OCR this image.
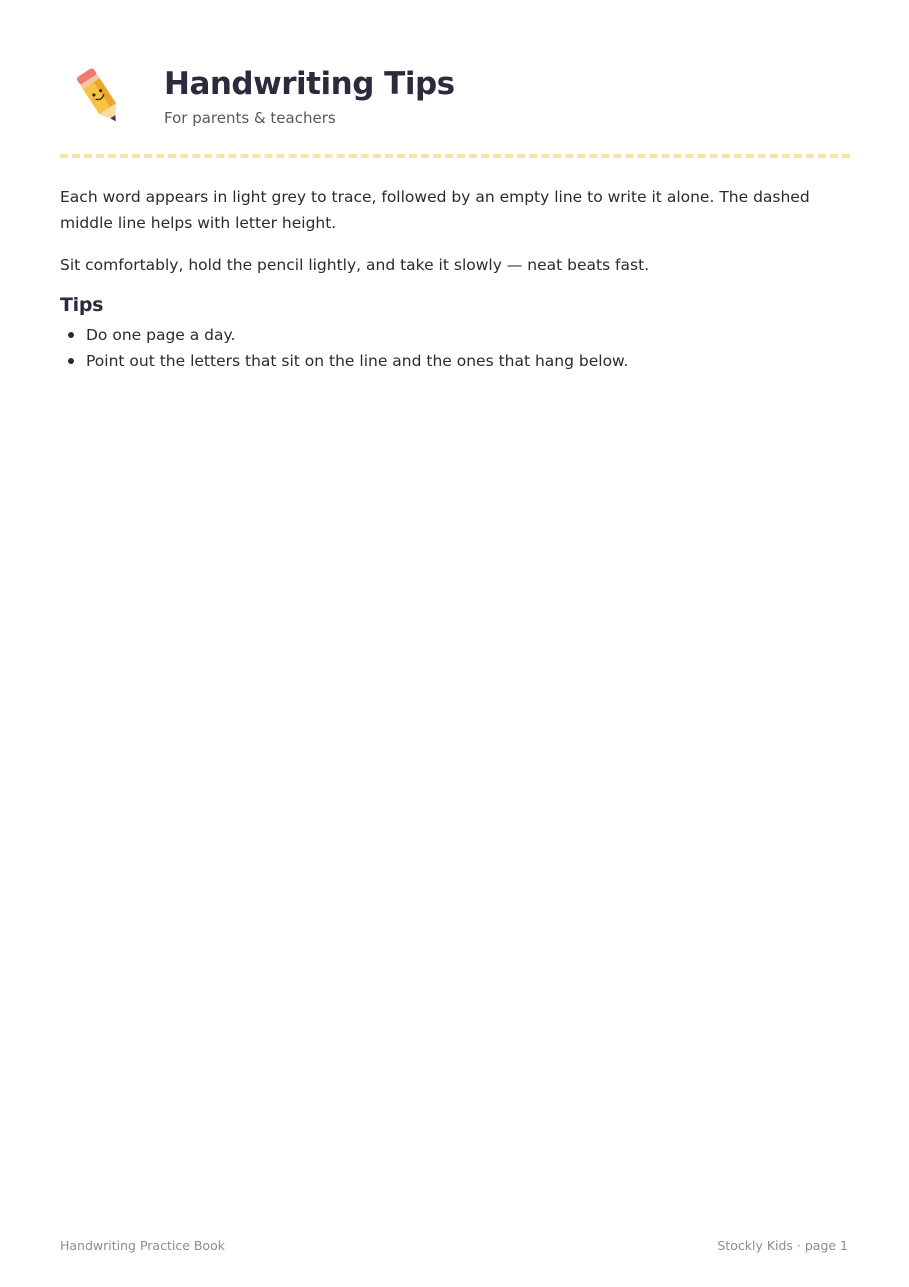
Handwriting Tips
For parents & teachers

Each word appears in light grey to trace, followed by an empty line to write it alone. The dashed middle line helps with letter height.

Sit comfortably, hold the pencil lightly, and take it slowly — neat beats fast.

Tips
Do one page a day.
Point out the letters that sit on the line and the ones that hang below.
Handwriting Practice Book	Stockly Kids · page 1
